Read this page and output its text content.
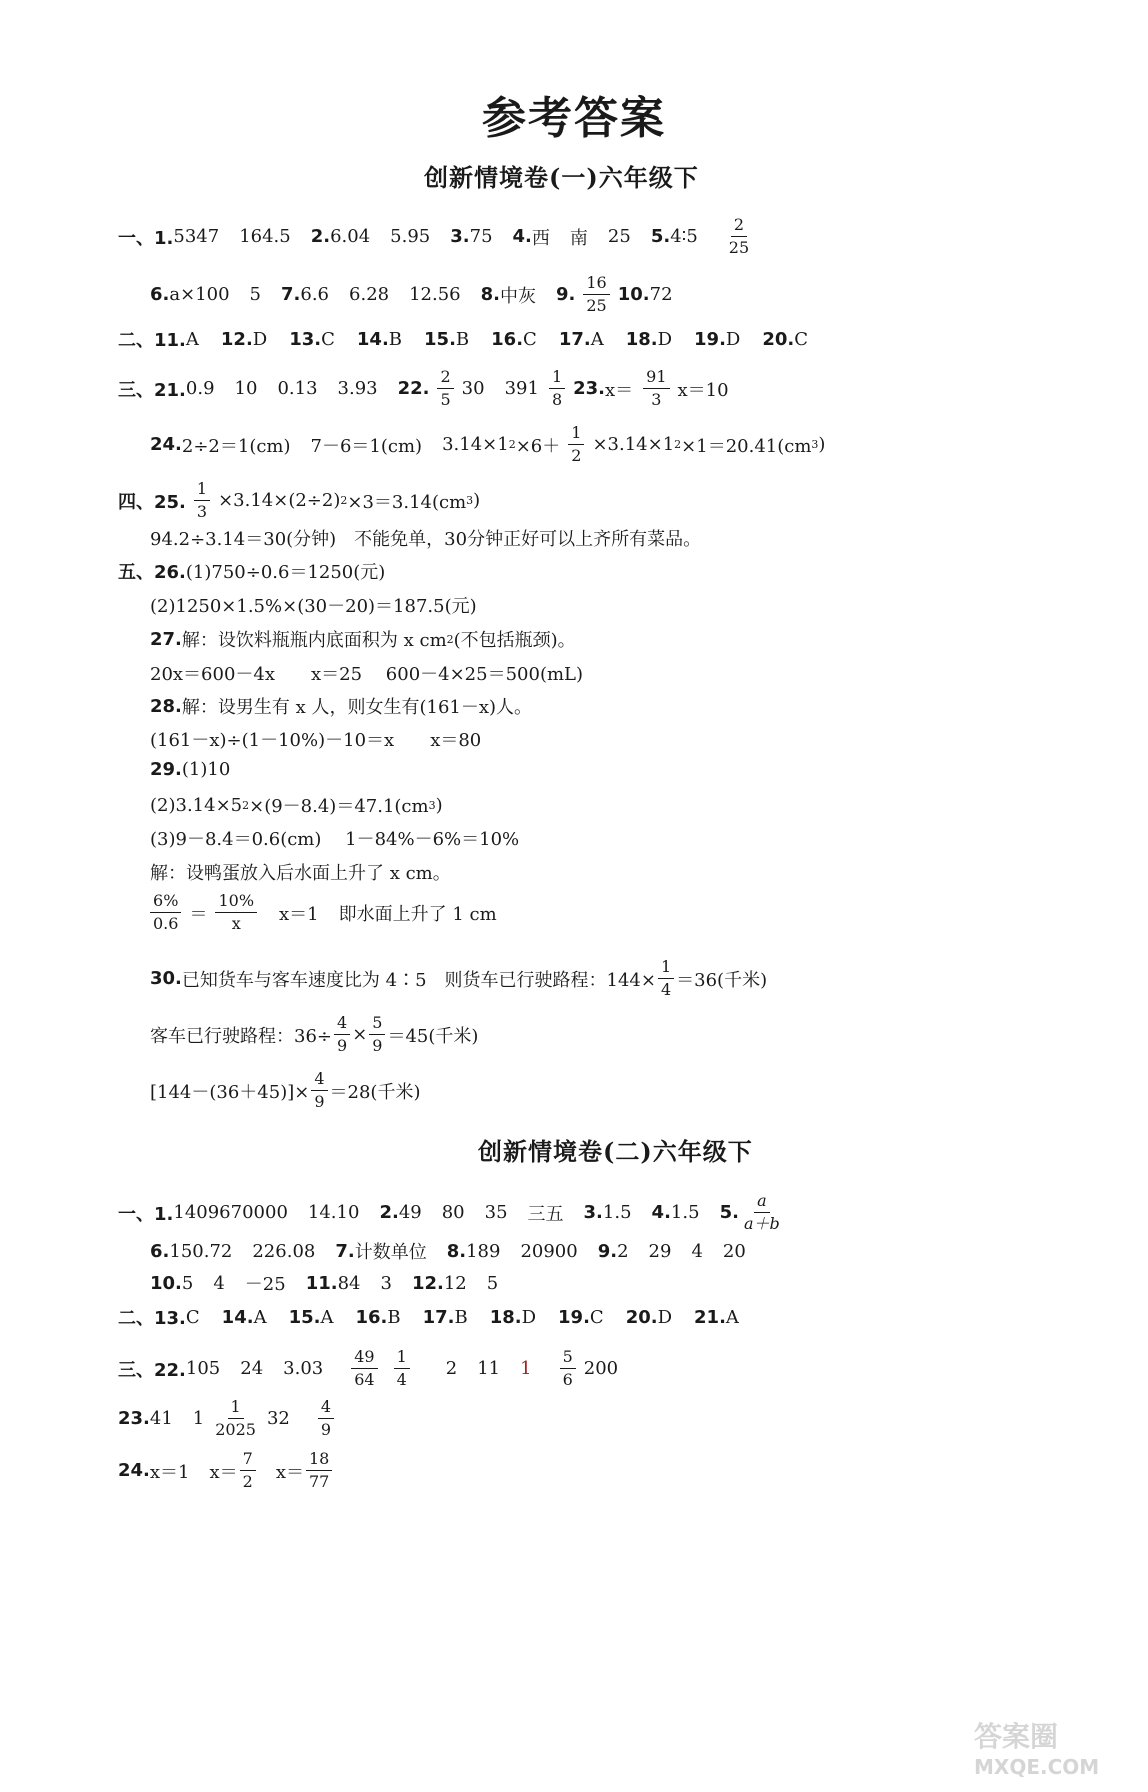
参考答案
创新情境卷(一)六年级下
一、1. 5347 164.5 2. 6.04 5.95 3. 75 4. 西 南 25 5. 4∶5 $\frac{2}{25}$
6. a×100 5 7. 6.6 6.28 12.56 8. 中灰 9. $\frac{16}{25} 10$. 72
二、11. A 12. D 13. C 14. B 15. B 16. C 17. A 18. D 19. D 20. C
三、21. 0.9 10 0.13 3.93 22. $\frac{2}{5} 30$ $391 \frac{1}{8} 23$. $x= \frac{91}{3} x=10$
24. 2÷2＝1(cm) 7－6＝1(cm) 3.14×1 $2 \times 6+ \frac{1}{2} \times 3.14\times 1$ 2 ×1＝20.41(cm 3 )
四、25. $\frac{1}{3} \times 3.14\times(2\div 2)$ 2 ×3＝3.14(cm 3 )
94.2÷3.14＝30(分钟)　不能免单，30分钟正好可以上齐所有菜品。
五、26. (1)750÷0.6＝1250(元)
(2)1250×1.5%×(30－20)＝187.5(元)
27. 解：设饮料瓶瓶内底面积为 x cm 2 (不包括瓶颈)。
20x＝600－4x　　x＝25　 600－4×25＝500(mL)
28. 解：设男生有 x 人，则女生有(161－x)人。
(161－x)÷(1－10%)－10＝x　　x＝80
29. (1)10
(2)3.14×5 2 ×(9－8.4)＝47.1(cm 3 )
(3)9－8.4＝0.6(cm)　 1－84%－6%＝10%
解：设鸭蛋放入后水面上升了 x cm。
$\frac{6\%}{0.6} = \frac{10\%}{x} x=1$ 即水面上升了 1 cm
30. 已知货车与客车速度比为 4∶5　则货车已行驶路程：$144\times \frac{1}{4} =36$(千米)
客车已行驶路程：$36\div \frac{4}{9} \times \frac{5}{9} =45$(千米)
$[144-(36+45)]\times \frac{4}{9} =28$(千米)
创新情境卷(二)六年级下
一、1. 1409670000 14.10 2. 49 80 35 三五 3. 1.5 4. 1.5 5. $\frac{a}{a+b}$
6. 150.72 226.08 7. 计数单位 8. 189 20900 9. 2 29 4 20
10. 5 4 －25 11. 84 3 12. 12 5
二、13. C 14. A 15. A 16. B 17. B 18. D 19. C 20. D 21. A
三、22. 105 24 $3.03 \frac{49}{64} \frac{1}{4} 2$ 11 $1 \frac{5}{6} 200$
23. 41 $1 \frac{1}{2025} 32 \frac{4}{9}$
24. x＝1 $x= \frac{7}{2} x= \frac{18}{77}$
答案圈
MXQE.COM
